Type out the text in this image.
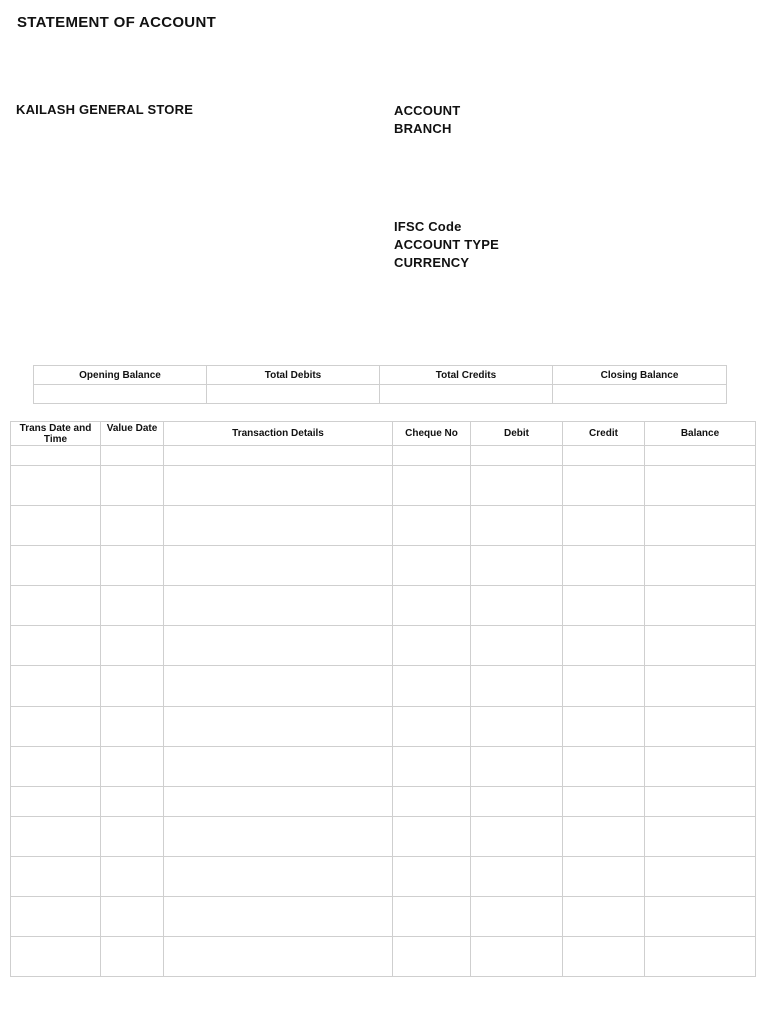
STATEMENT OF ACCOUNT
KAILASH GENERAL STORE	ACCOUNT
BRANCH
IFSC Code
ACCOUNT TYPE
CURRENCY
Opening Balance	Total Debits	Total Credits	Closing Balance

Trans Date and Time	Value Date	Transaction Details	Cheque No	Debit	Credit	Balance
